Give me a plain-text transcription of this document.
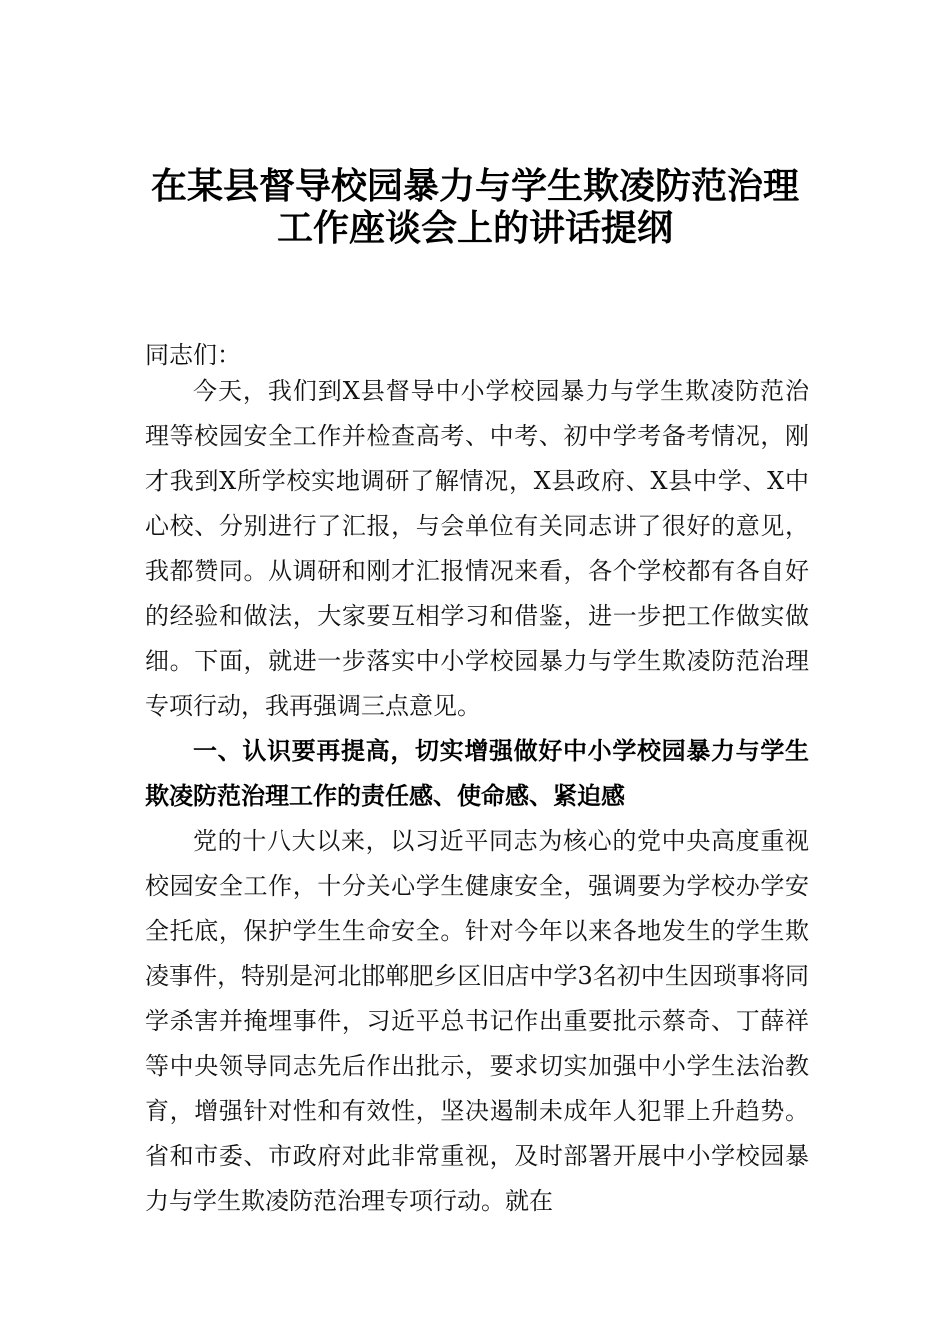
在某县督导校园暴力与学生欺凌防范治理
工作座谈会上的讲话提纲
同志们：

今天，我们到X县督导中小学校园暴力与学生欺凌防范治理等校园安全工作并检查高考、中考、初中学考备考情况，刚才我到X所学校实地调研了解情况，X县政府、X县中学、X中心校、分别进行了汇报，与会单位有关同志讲了很好的意见，我都赞同。从调研和刚才汇报情况来看，各个学校都有各自好的经验和做法，大家要互相学习和借鉴，进一步把工作做实做细。下面，就进一步落实中小学校园暴力与学生欺凌防范治理专项行动，我再强调三点意见。

一、认识要再提高，切实增强做好中小学校园暴力与学生欺凌防范治理工作的责任感、使命感、紧迫感

党的十八大以来，以习近平同志为核心的党中央高度重视校园安全工作，十分关心学生健康安全，强调要为学校办学安全托底，保护学生生命安全。针对今年以来各地发生的学生欺凌事件，特别是河北邯郸肥乡区旧店中学3名初中生因琐事将同学杀害并掩埋事件，习近平总书记作出重要批示蔡奇、丁薛祥等中央领导同志先后作出批示，要求切实加强中小学生法治教育，增强针对性和有效性，坚决遏制未成年人犯罪上升趋势。省和市委、市政府对此非常重视，及时部署开展中小学校园暴力与学生欺凌防范治理专项行动。就在
